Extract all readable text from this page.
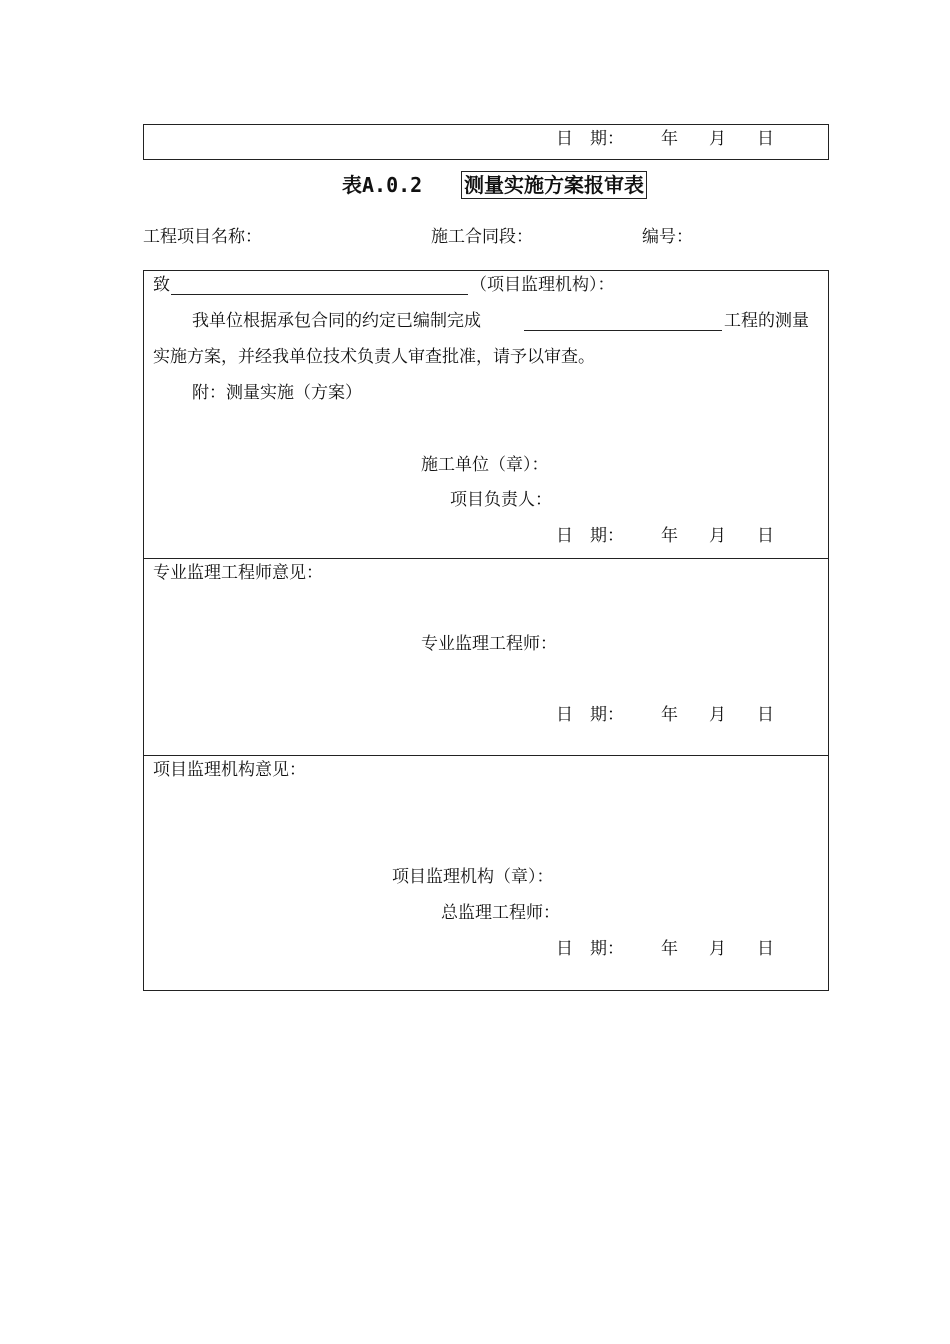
日　期： 年 月 日
表A.0.2 测量实施方案报审表
工程项目名称：	施工合同段：	编号：
致	（项目监理机构）：
我单位根据承包合同的约定已编制完成	工程的测量
实施方案，并经我单位技术负责人审查批准，请予以审查。
附：测量实施（方案）
施工单位（章）：
项目负责人：
日　期： 年 月 日
专业监理工程师意见：
专业监理工程师：
日　期： 年 月 日
项目监理机构意见：
项目监理机构（章）：
总监理工程师：
日　期： 年 月 日
